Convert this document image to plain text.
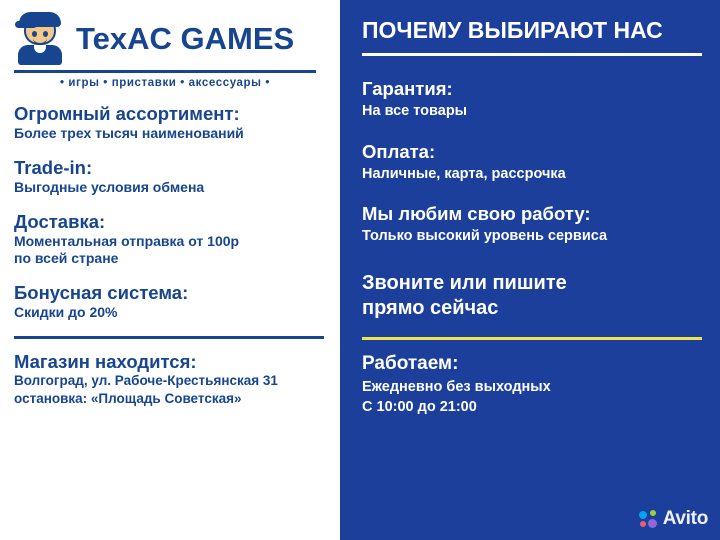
TexAC GAMES
• игры • приставки • аксессуары •
Огромный ассортимент:
Более трех тысяч наименований
Trade-in:
Выгодные условия обмена
Доставка:
Моментальная отправка от 100р
по всей стране
Бонусная система:
Скидки до 20%
Магазин находится:
Волгоград, ул. Рабоче-Крестьянская 31
остановка: «Площадь Советская»
ПОЧЕМУ ВЫБИРАЮТ НАС
Гарантия:
На все товары
Оплата:
Наличные, карта, рассрочка
Мы любим свою работу:
Только высокий уровень сервиса
Звоните или пишите
прямо сейчас
Работаем:
Ежедневно без выходных
С 10:00 до 21:00
Avito
